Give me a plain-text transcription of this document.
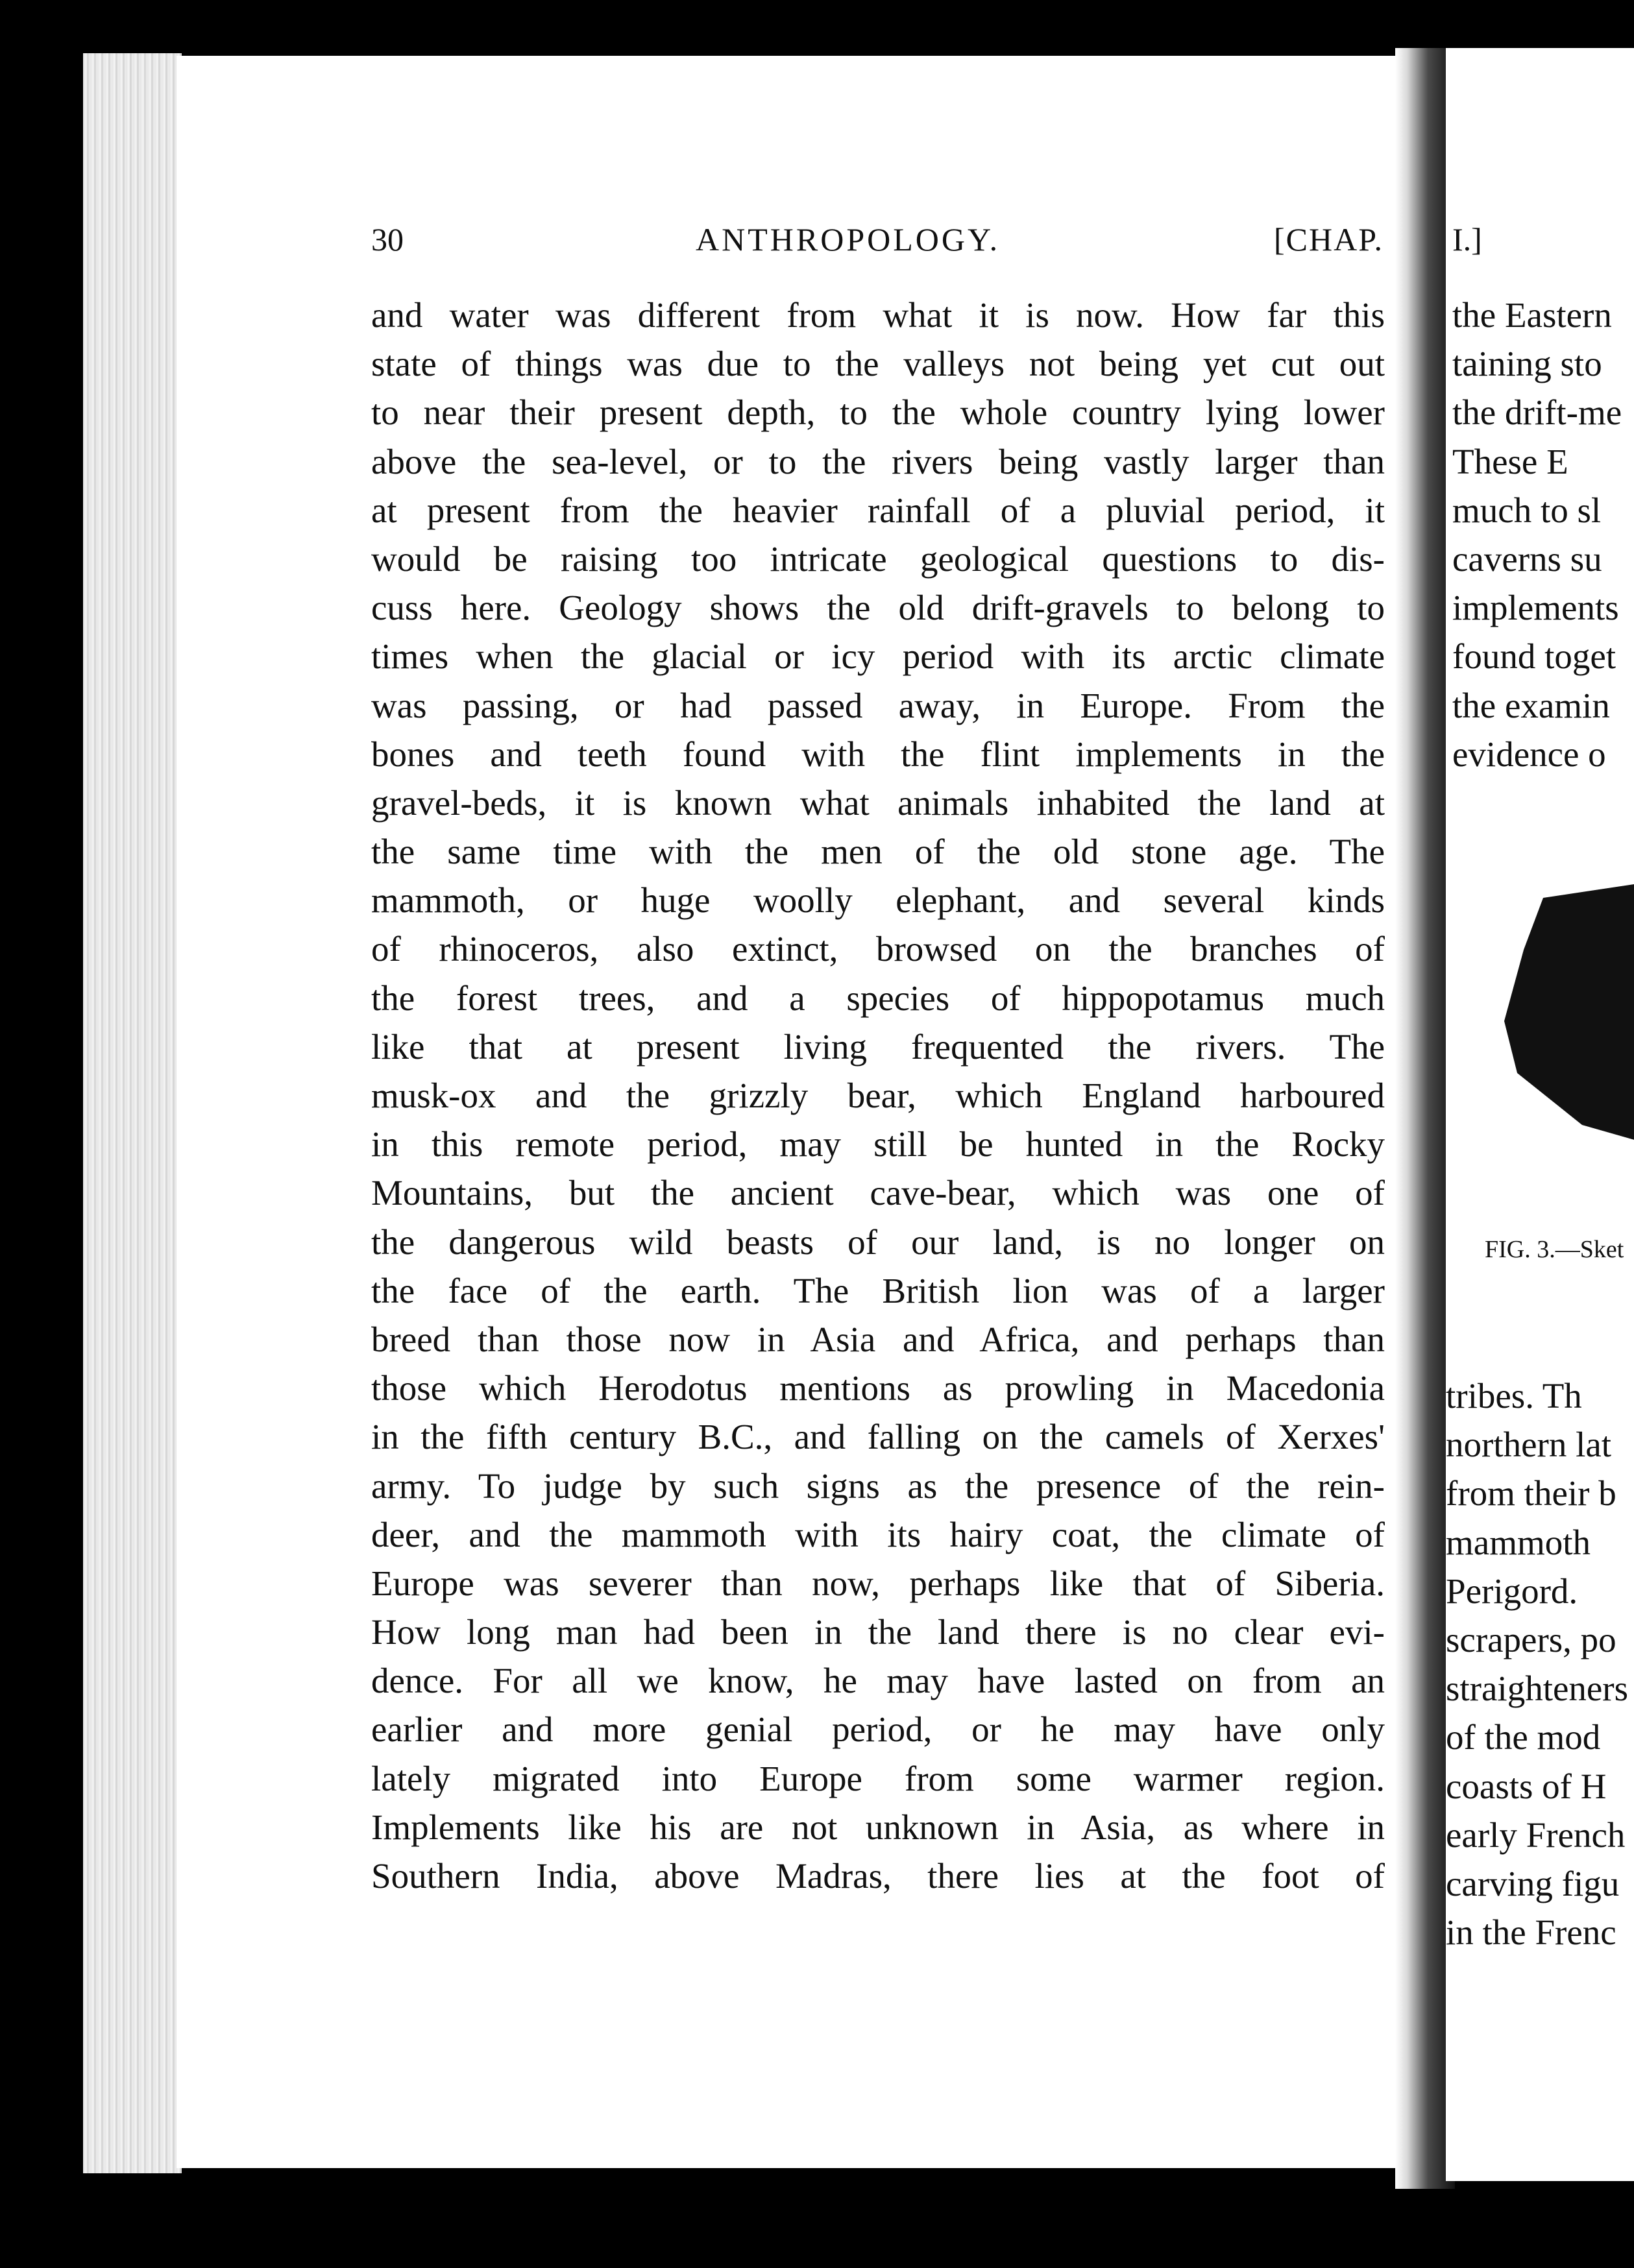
30	ANTHROPOLOGY.	[CHAP.
and water was different from what it is now. How far this
state of things was due to the valleys not being yet cut out
to near their present depth, to the whole country lying lower
above the sea-level, or to the rivers being vastly larger than
at present from the heavier rainfall of a pluvial period, it
would be raising too intricate geological questions to dis-
cuss here. Geology shows the old drift-gravels to belong to
times when the glacial or icy period with its arctic climate
was passing, or had passed away, in Europe. From the
bones and teeth found with the flint implements in the
gravel-beds, it is known what animals inhabited the land at
the same time with the men of the old stone age. The
mammoth, or huge woolly elephant, and several kinds
of rhinoceros, also extinct, browsed on the branches of
the forest trees, and a species of hippopotamus much
like that at present living frequented the rivers. The
musk-ox and the grizzly bear, which England harboured
in this remote period, may still be hunted in the Rocky
Mountains, but the ancient cave-bear, which was one of
the dangerous wild beasts of our land, is no longer on
the face of the earth. The British lion was of a larger
breed than those now in Asia and Africa, and perhaps than
those which Herodotus mentions as prowling in Macedonia
in the fifth century B.C., and falling on the camels of Xerxes'
army. To judge by such signs as the presence of the rein-
deer, and the mammoth with its hairy coat, the climate of
Europe was severer than now, perhaps like that of Siberia.
How long man had been in the land there is no clear evi-
dence. For all we know, he may have lasted on from an
earlier and more genial period, or he may have only
lately migrated into Europe from some warmer region.
Implements like his are not unknown in Asia, as where in
Southern India, above Madras, there lies at the foot of
I.]
the Eastern
taining sto
the drift-me
These E
much to sl
caverns su
implements
found toget
the examin
evidence o
FIG. 3.—Sket
tribes. Th
northern lat
from their b
mammoth
Perigord.
scrapers, po
straighteners
of the mod
coasts of H
early French
carving figu
in the Frenc
